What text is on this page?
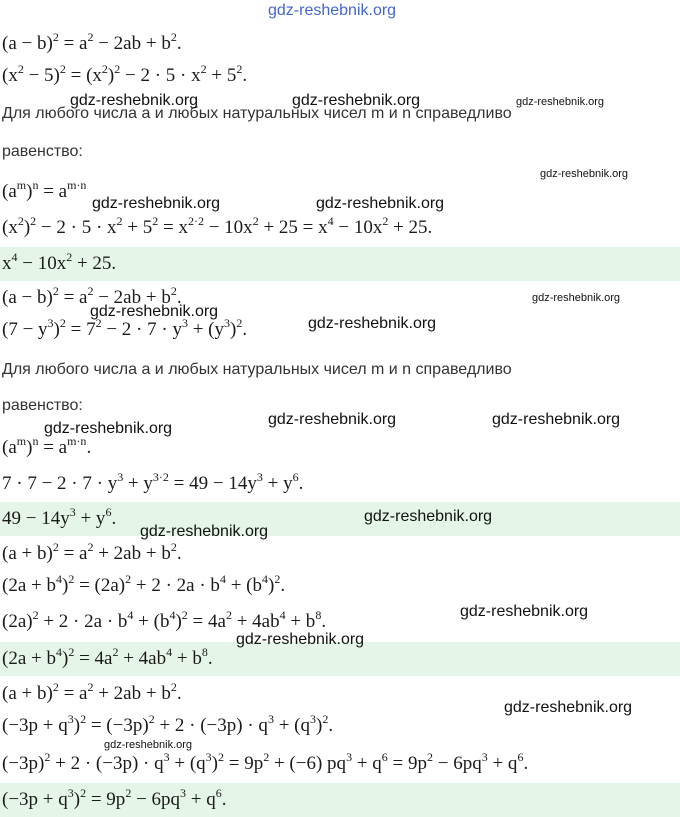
$(a - b)^2 = a^2 - 2ab + b^2$.
$(x^2 - 5)^2 = (x^2)^2 - 2 \cdot 5 \cdot x^2 + 5^2$.
Для любого числа a и любых натуральных чисел m и n справедливо
равенство:
$(a^m)^n = a^{m\cdot n}$
$(x^2)^2 - 2 \cdot 5 \cdot x^2 + 5^2 = x^{2\cdot 2} - 10x^2 + 25 = x^4 - 10x^2 + 25$.
$x^4 - 10x^2 + 25$.
$(a - b)^2 = a^2 - 2ab + b^2$.
$(7 - y^3)^2 = 7^2 - 2 \cdot 7 \cdot y^3 + (y^3)^2$.
Для любого числа a и любых натуральных чисел m и n справедливо
равенство:
$(a^m)^n = a^{m\cdot n}$.
$7 \cdot 7 - 2 \cdot 7 \cdot y^3 + y^{3\cdot 2} = 49 - 14y^3 + y^6$.
$49 - 14y^3 + y^6$.
$(a + b)^2 = a^2 + 2ab + b^2$.
$(2a + b^4)^2 = (2a)^2 + 2 \cdot 2a \cdot b^4 + (b^4)^2$.
$(2a)^2 + 2 \cdot 2a \cdot b^4 + (b^4)^2 = 4a^2 + 4ab^4 + b^8$.
$(2a + b^4)^2 = 4a^2 + 4ab^4 + b^8$.
$(a + b)^2 = a^2 + 2ab + b^2$.
$(-3p + q^3)^2 = (-3p)^2 + 2 \cdot (-3p) \cdot q^3 + (q^3)^2$.
$(-3p)^2 + 2 \cdot (-3p) \cdot q^3 + (q^3)^2 = 9p^2 + (-6) pq^3 + q^6 = 9p^2 - 6pq^3 + q^6$.
$(-3p + q^3)^2 = 9p^2 - 6pq^3 + q^6$.
gdz-reshebnik.org
gdz-reshebnik.org	gdz-reshebnik.org	gdz-reshebnik.org
gdz-reshebnik.org
gdz-reshebnik.org	gdz-reshebnik.org
gdz-reshebnik.org
gdz-reshebnik.org
gdz-reshebnik.org
gdz-reshebnik.org	gdz-reshebnik.org
gdz-reshebnik.org
gdz-reshebnik.org
gdz-reshebnik.org
gdz-reshebnik.org
gdz-reshebnik.org
gdz-reshebnik.org
gdz-reshebnik.org
